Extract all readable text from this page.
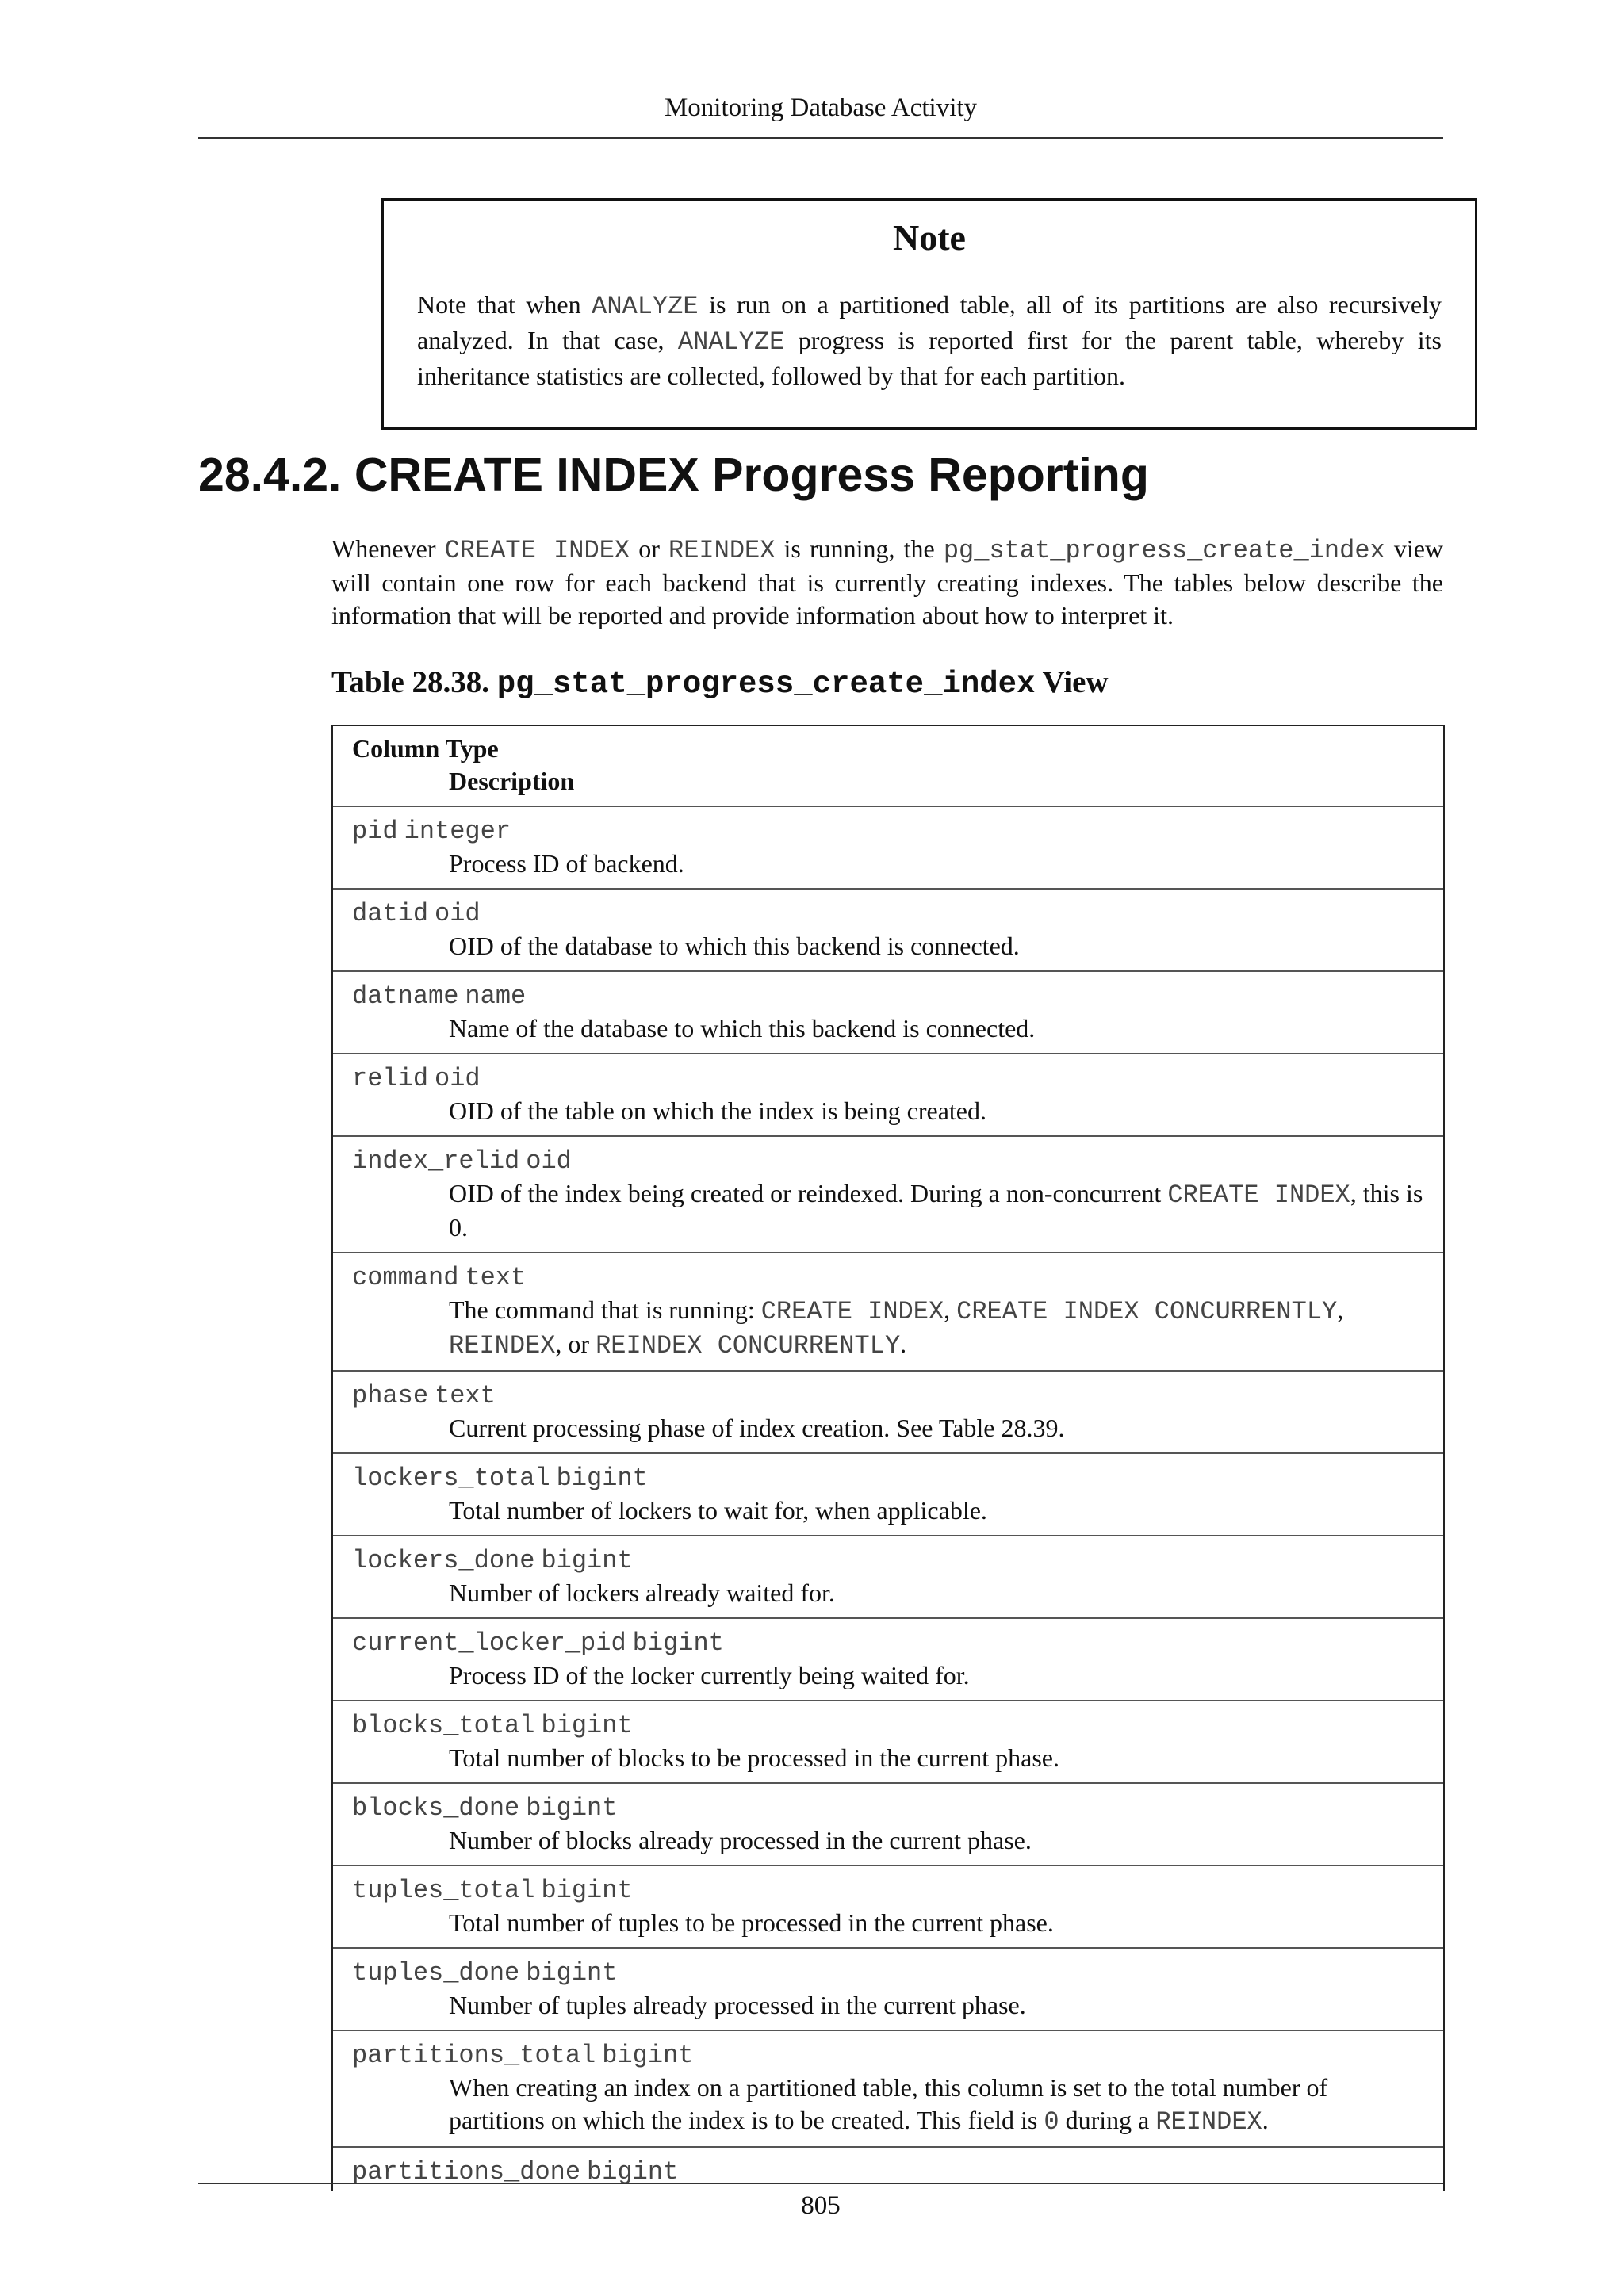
Monitoring Database Activity
Note
Note that when ANALYZE is run on a partitioned table, all of its partitions are also recursively analyzed. In that case, ANALYZE progress is reported first for the parent table, whereby its inheritance statistics are collected, followed by that for each partition.
28.4.2. CREATE INDEX Progress Reporting
Whenever CREATE INDEX or REINDEX is running, the pg_stat_progress_create_index view will contain one row for each backend that is currently creating indexes. The tables below describe the information that will be reported and provide information about how to interpret it.
Table 28.38. pg_stat_progress_create_index View
Column Type
Description
pid integer
Process ID of backend.
datid oid
OID of the database to which this backend is connected.
datname name
Name of the database to which this backend is connected.
relid oid
OID of the table on which the index is being created.
index_relid oid
OID of the index being created or reindexed. During a non-concurrent CREATE INDEX, this is 0.
command text
The command that is running: CREATE INDEX, CREATE INDEX CONCURRENTLY, REINDEX, or REINDEX CONCURRENTLY.
phase text
Current processing phase of index creation. See Table 28.39.
lockers_total bigint
Total number of lockers to wait for, when applicable.
lockers_done bigint
Number of lockers already waited for.
current_locker_pid bigint
Process ID of the locker currently being waited for.
blocks_total bigint
Total number of blocks to be processed in the current phase.
blocks_done bigint
Number of blocks already processed in the current phase.
tuples_total bigint
Total number of tuples to be processed in the current phase.
tuples_done bigint
Number of tuples already processed in the current phase.
partitions_total bigint
When creating an index on a partitioned table, this column is set to the total number of partitions on which the index is to be created. This field is 0 during a REINDEX.
partitions_done bigint
805
